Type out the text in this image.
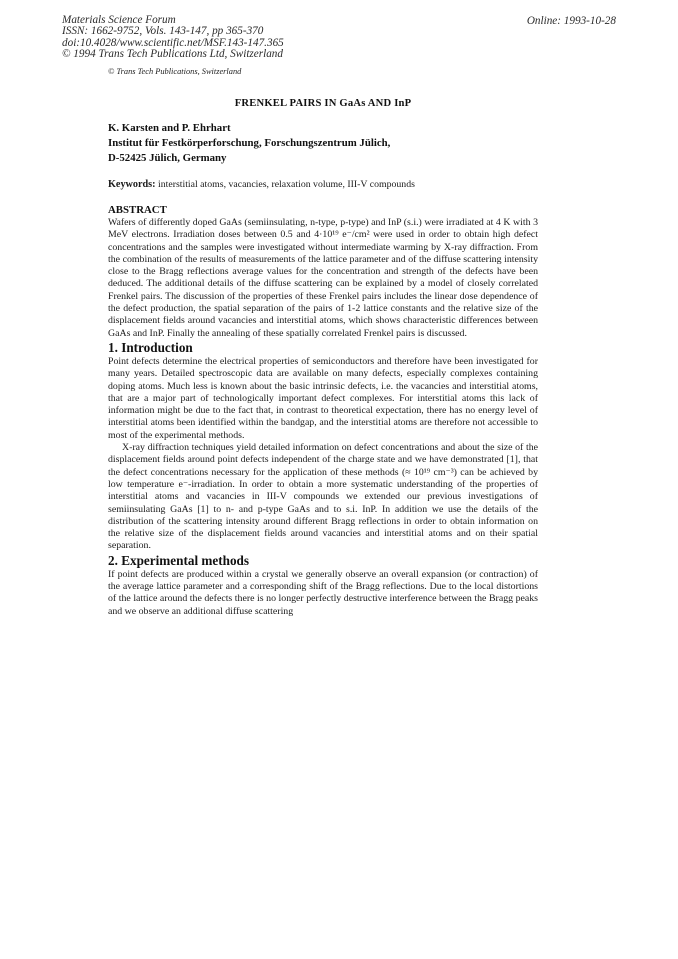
Materials Science Forum
ISSN: 1662-9752, Vols. 143-147, pp 365-370
doi:10.4028/www.scientific.net/MSF.143-147.365
© 1994 Trans Tech Publications Ltd, Switzerland
Online: 1993-10-28
© Trans Tech Publications, Switzerland
FRENKEL PAIRS IN GaAs AND InP
K. Karsten and P. Ehrhart
Institut für Festkörperforschung, Forschungszentrum Jülich,
D-52425 Jülich, Germany
Keywords: interstitial atoms, vacancies, relaxation volume, III-V compounds
ABSTRACT

Wafers of differently doped GaAs (semiinsulating, n-type, p-type) and InP (s.i.) were irradiated at 4 K with 3 MeV electrons. Irradiation doses between 0.5 and 4·10¹⁹ e⁻/cm² were used in order to obtain high defect concentrations and the samples were investigated without intermediate warming by X-ray diffraction. From the combination of the results of measurements of the lattice parameter and of the diffuse scattering intensity close to the Bragg reflections average values for the concentration and strength of the defects have been deduced. The additional details of the diffuse scattering can be explained by a model of closely correlated Frenkel pairs. The discussion of the properties of these Frenkel pairs includes the linear dose dependence of the defect production, the spatial separation of the pairs of 1-2 lattice constants and the relative size of the displacement fields around vacancies and interstitial atoms, which shows characteristic differences between GaAs and InP. Finally the annealing of these spatially correlated Frenkel pairs is discussed.

1. Introduction

Point defects determine the electrical properties of semiconductors and therefore have been investigated for many years. Detailed spectroscopic data are available on many defects, especially complexes containing doping atoms. Much less is known about the basic intrinsic defects, i.e. the vacancies and interstitial atoms, that are a major part of technologically important defect complexes. For interstitial atoms this lack of information might be due to the fact that, in contrast to theoretical expectation, there has no energy level of interstitial atoms been identified within the bandgap, and the interstitial atoms are therefore not accessible to most of the experimental methods.

X-ray diffraction techniques yield detailed information on defect concentrations and about the size of the displacement fields around point defects independent of the charge state and we have demonstrated [1], that the defect concentrations necessary for the application of these methods (≈ 10¹⁹ cm⁻³) can be achieved by low temperature e⁻-irradiation. In order to obtain a more systematic understanding of the properties of interstitial atoms and vacancies in III-V compounds we extended our previous investigations of semiinsulating GaAs [1] to n- and p-type GaAs and to s.i. InP. In addition we use the details of the distribution of the scattering intensity around different Bragg reflections in order to obtain information on the relative size of the displacement fields around vacancies and interstitial atoms and on their spatial separation.

2. Experimental methods

If point defects are produced within a crystal we generally observe an overall expansion (or contraction) of the average lattice parameter and a corresponding shift of the Bragg reflections. Due to the local distortions of the lattice around the defects there is no longer perfectly destructive interference between the Bragg peaks and we observe an additional diffuse scattering
